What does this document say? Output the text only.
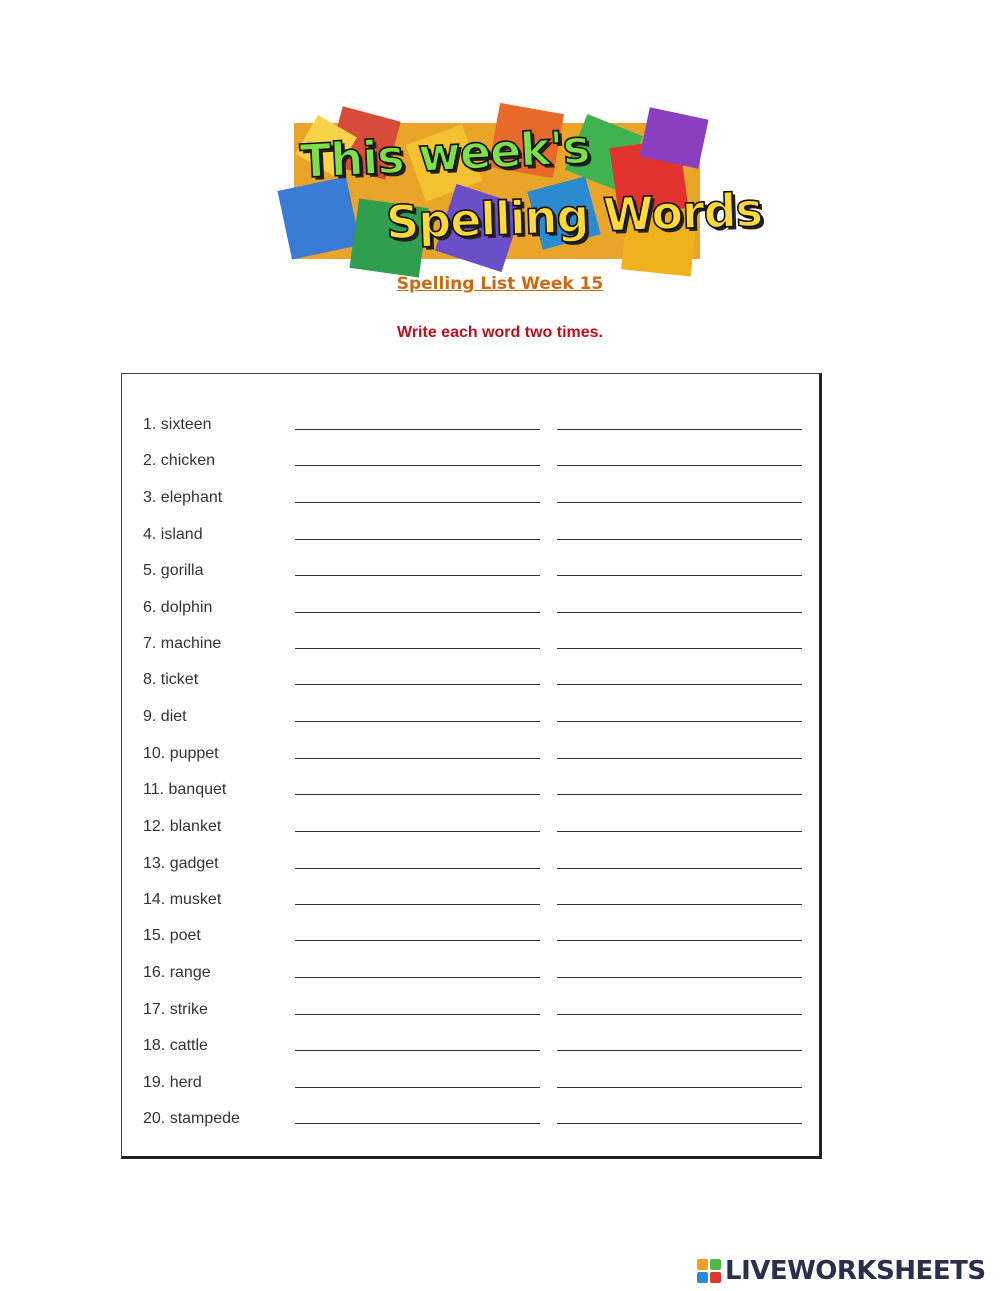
This week's
Spelling Words
Spelling List Week 15
Write each word two times.
1. sixteen
2. chicken
3. elephant
4. island
5. gorilla
6. dolphin
7. machine
8. ticket
9. diet
10. puppet
11. banquet
12. blanket
13. gadget
14. musket
15. poet
16. range
17. strike
18. cattle
19. herd
20. stampede
LIVEWORKSHEETS
